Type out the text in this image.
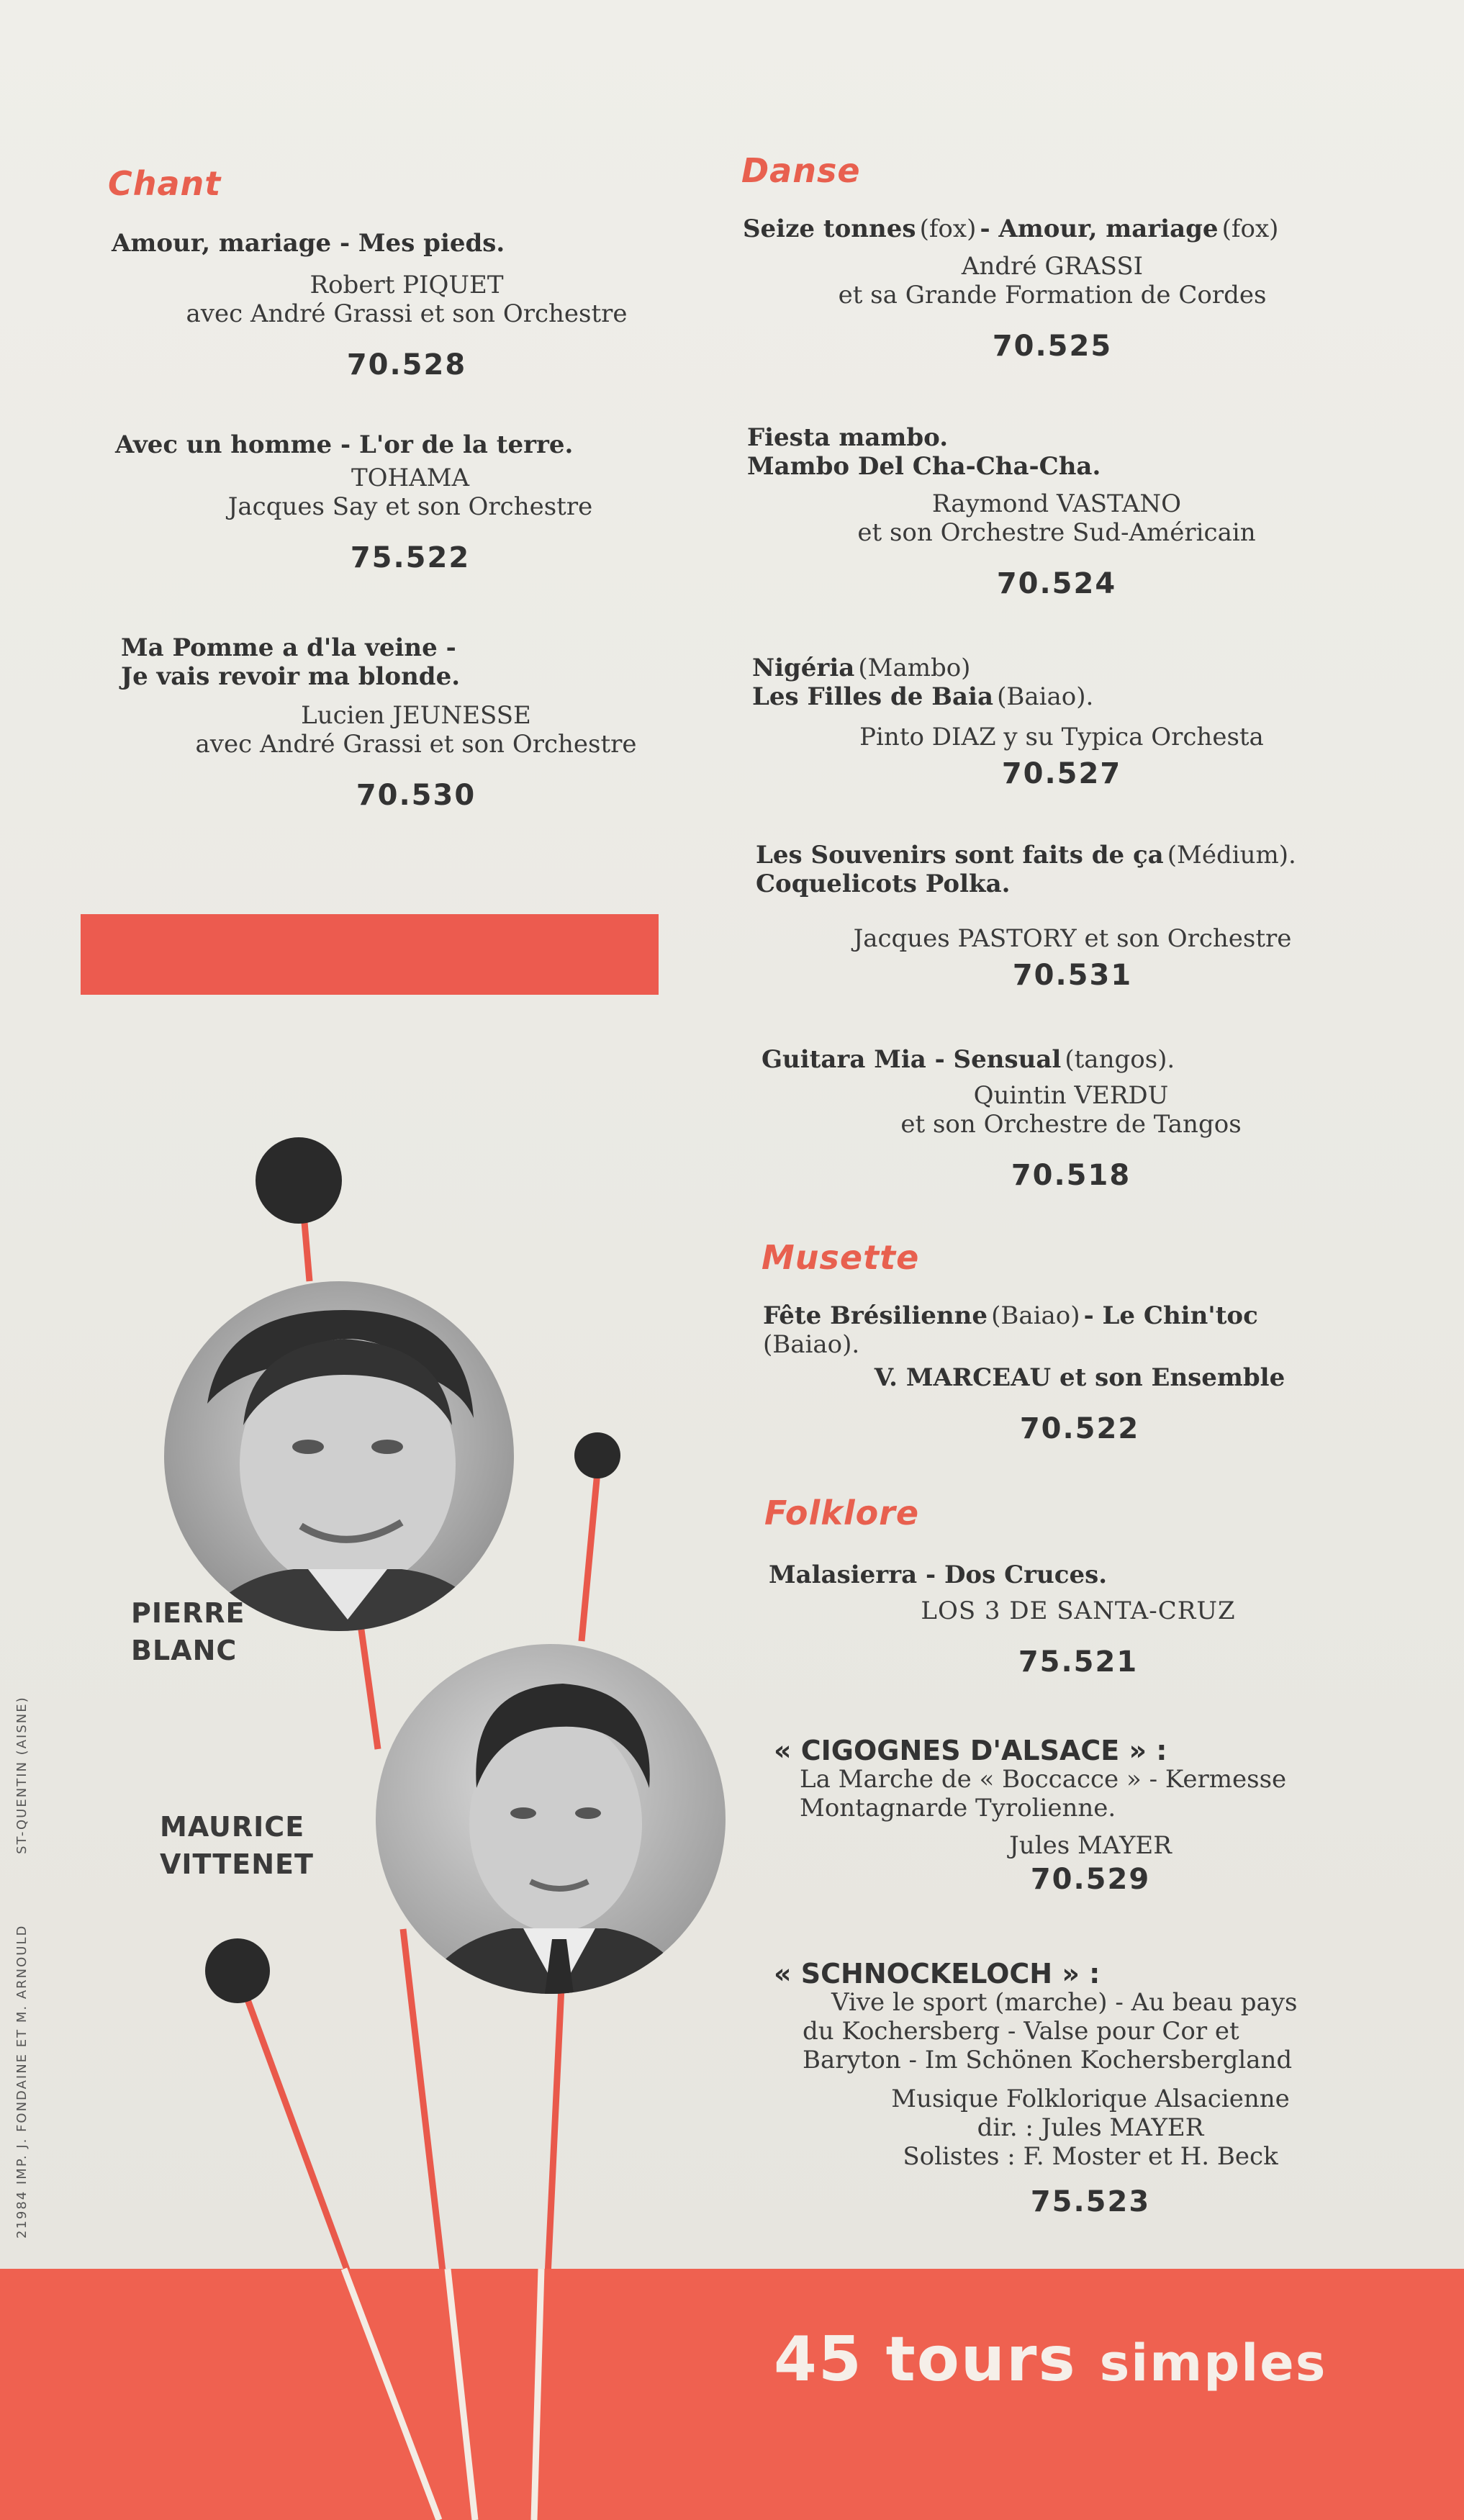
Chant	Danse
Musette
Folklore
Amour, mariage - Mes pieds.
Robert PIQUET
avec André Grassi et son Orchestre
70.528
Avec un homme - L'or de la terre.
TOHAMA
Jacques Say et son Orchestre
75.522
Ma Pomme a d'la veine -
Je vais revoir ma blonde.
Lucien JEUNESSE
avec André Grassi et son Orchestre
70.530
Seize tonnes (fox) - Amour, mariage (fox)
André GRASSI
et sa Grande Formation de Cordes
70.525
Fiesta mambo.
Mambo Del Cha-Cha-Cha.
Raymond VASTANO
et son Orchestre Sud-Américain
70.524
Nigéria (Mambo)
Les Filles de Baia (Baiao).
Pinto DIAZ y su Typica Orchesta
70.527
Les Souvenirs sont faits de ça (Médium).
Coquelicots Polka.
Jacques PASTORY et son Orchestre
70.531
Guitara Mia - Sensual (tangos).
Quintin VERDU
et son Orchestre de Tangos
70.518
Fête Brésilienne (Baiao) - Le Chin'toc
(Baiao).
V. MARCEAU et son Ensemble
70.522
Malasierra - Dos Cruces.
LOS 3 DE SANTA-CRUZ
75.521
« CIGOGNES D'ALSACE » :
La Marche de « Boccacce » - Kermesse
Montagnarde Tyrolienne.
Jules MAYER
70.529
« SCHNOCKELOCH » :
Vive le sport (marche) - Au beau pays
du Kochersberg - Valse pour Cor et
Baryton - Im Schönen Kochersbergland
Musique Folklorique Alsacienne
dir. : Jules MAYER
Solistes : F. Moster et H. Beck
75.523
PIERRE
BLANC
MAURICE
VITTENET
21984 IMP. J. FONDAINE ET M. ARNOULD ST-QUENTIN (AISNE)
45 tours simples
